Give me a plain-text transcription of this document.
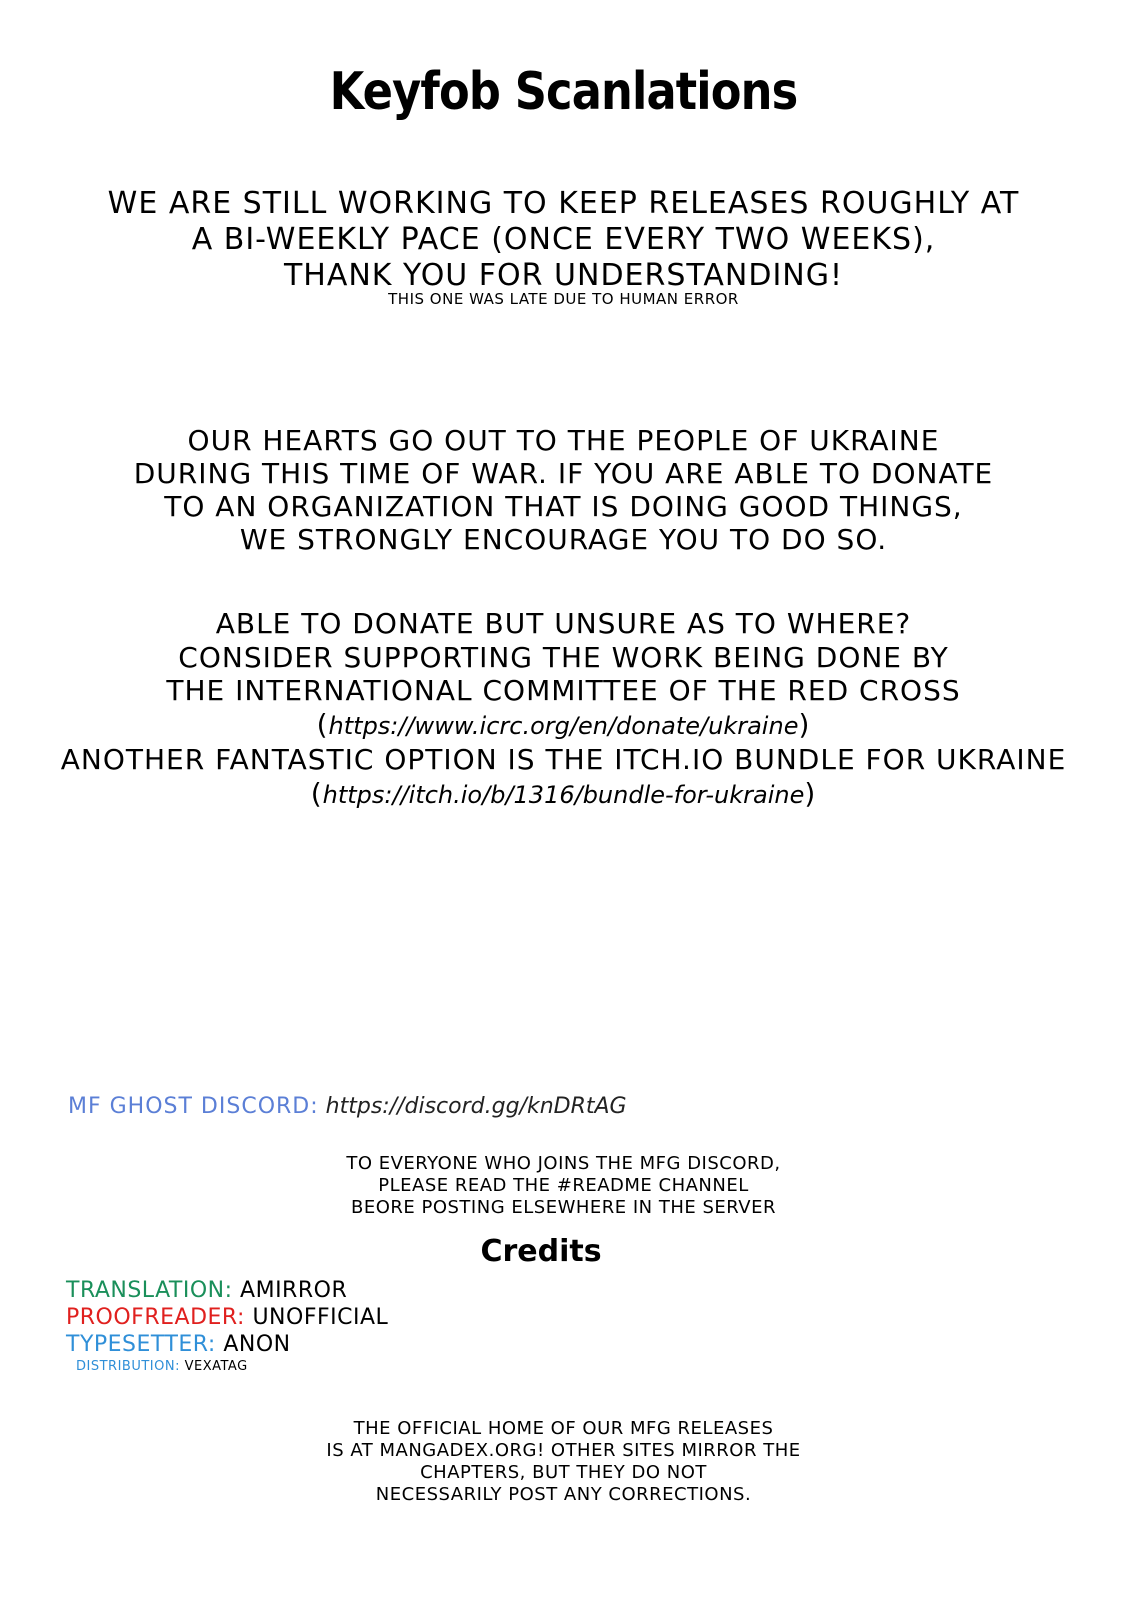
Keyfob Scanlations
WE ARE STILL WORKING TO KEEP RELEASES ROUGHLY AT
A BI-WEEKLY PACE (ONCE EVERY TWO WEEKS),
THANK YOU FOR UNDERSTANDING!
THIS ONE WAS LATE DUE TO HUMAN ERROR
OUR HEARTS GO OUT TO THE PEOPLE OF UKRAINE
DURING THIS TIME OF WAR. IF YOU ARE ABLE TO DONATE
TO AN ORGANIZATION THAT IS DOING GOOD THINGS,
WE STRONGLY ENCOURAGE YOU TO DO SO.
ABLE TO DONATE BUT UNSURE AS TO WHERE?
CONSIDER SUPPORTING THE WORK BEING DONE BY
THE INTERNATIONAL COMMITTEE OF THE RED CROSS
(https://www.icrc.org/en/donate/ukraine)
ANOTHER FANTASTIC OPTION IS THE ITCH.IO BUNDLE FOR UKRAINE
(https://itch.io/b/1316/bundle-for-ukraine)
MF GHOST DISCORD: https://discord.gg/knDRtAG
TO EVERYONE WHO JOINS THE MFG DISCORD,
PLEASE READ THE #README CHANNEL
BEORE POSTING ELSEWHERE IN THE SERVER
Credits
TRANSLATION: AMIRROR
PROOFREADER: UNOFFICIAL
TYPESETTER: ANON
DISTRIBUTION: VEXATAG
THE OFFICIAL HOME OF OUR MFG RELEASES
IS AT MANGADEX.ORG! OTHER SITES MIRROR THE
CHAPTERS, BUT THEY DO NOT
NECESSARILY POST ANY CORRECTIONS.
